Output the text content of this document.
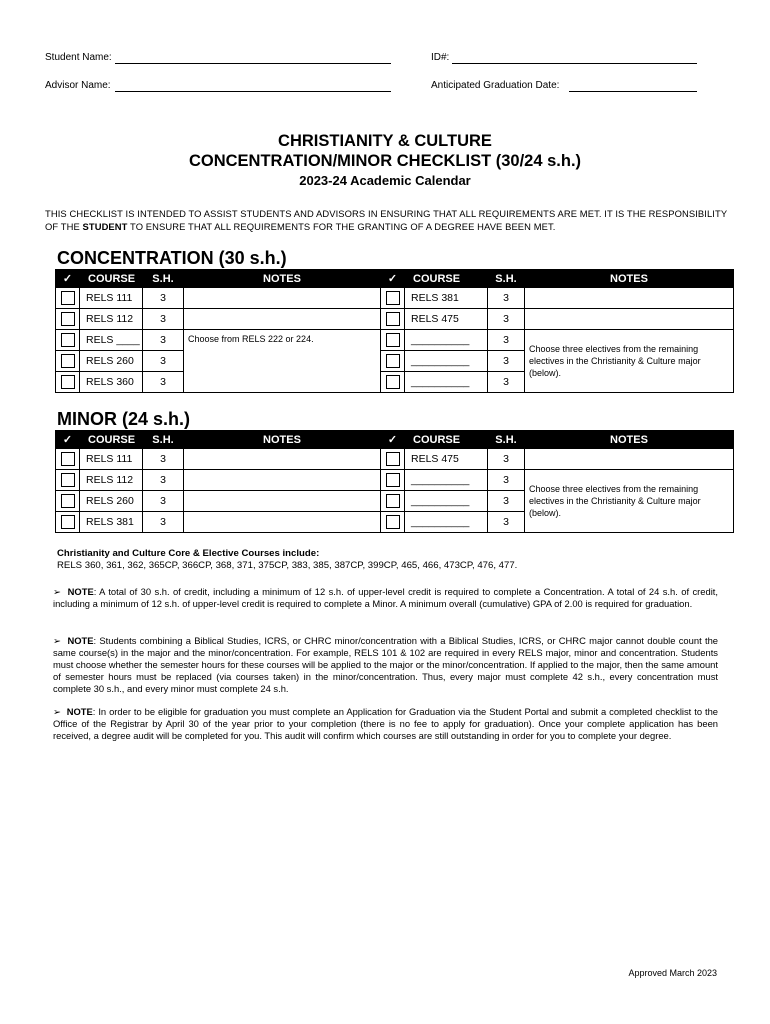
Student Name:	ID#:
Advisor Name:	Anticipated Graduation Date:
CHRISTIANITY & CULTURE
CONCENTRATION/MINOR CHECKLIST (30/24 s.h.)
2023-24 Academic Calendar
THIS CHECKLIST IS INTENDED TO ASSIST STUDENTS AND ADVISORS IN ENSURING THAT ALL REQUIREMENTS ARE MET. IT IS THE RESPONSIBILITY OF THE STUDENT TO ENSURE THAT ALL REQUIREMENTS FOR THE GRANTING OF A DEGREE HAVE BEEN MET.
CONCENTRATION (30 s.h.)
✓	COURSE	S.H.	NOTES	✓	COURSE	S.H.	NOTES
	RELS 111	3			RELS 381	3	
	RELS 112	3			RELS 475	3	
	RELS ____	3	Choose from RELS 222 or 224.		__________	3	Choose three electives from the remaining electives in the Christianity & Culture major (below).
	RELS 260	3			__________	3	
	RELS 360	3			__________	3	
MINOR (24 s.h.)
✓	COURSE	S.H.	NOTES	✓	COURSE	S.H.	NOTES
	RELS 111	3			RELS 475	3	
	RELS 112	3			__________	3	Choose three electives from the remaining electives in the Christianity & Culture major (below).
	RELS 260	3			__________	3	
	RELS 381	3			__________	3	
Christianity and Culture Core & Elective Courses include:
RELS 360, 361, 362, 365CP, 366CP, 368, 371, 375CP, 383, 385, 387CP, 399CP, 465, 466, 473CP, 476, 477.
➢ NOTE: A total of 30 s.h. of credit, including a minimum of 12 s.h. of upper-level credit is required to complete a Concentration. A total of 24 s.h. of credit, including a minimum of 12 s.h. of upper-level credit is required to complete a Minor. A minimum overall (cumulative) GPA of 2.00 is required for graduation.
➢ NOTE: Students combining a Biblical Studies, ICRS, or CHRC minor/concentration with a Biblical Studies, ICRS, or CHRC major cannot double count the same course(s) in the major and the minor/concentration. For example, RELS 101 & 102 are required in every RELS major, minor and concentration. Students must choose whether the semester hours for these courses will be applied to the major or the minor/concentration. If applied to the major, then the same amount of semester hours must be replaced (via courses taken) in the minor/concentration. Thus, every major must complete 42 s.h., every concentration must complete 30 s.h., and every minor must complete 24 s.h.
➢ NOTE: In order to be eligible for graduation you must complete an Application for Graduation via the Student Portal and submit a completed checklist to the Office of the Registrar by April 30 of the year prior to your completion (there is no fee to apply for graduation). Once your complete application has been received, a degree audit will be completed for you. This audit will confirm which courses are still outstanding in order for you to complete your degree.
Approved March 2023
